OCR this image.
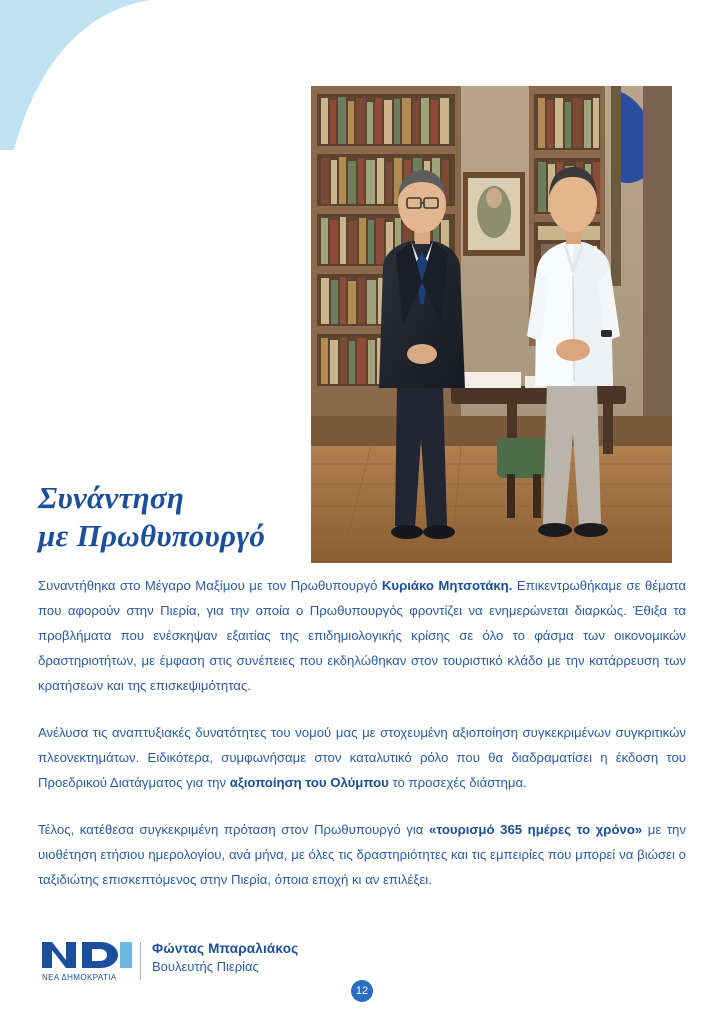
Συνάντηση
με Πρωθυπουργό

Συναντήθηκα στο Μέγαρο Μαξίμου με τον Πρωθυπουργό Κυριάκο Μητσοτάκη. Επικεντρωθήκαμε σε θέματα που αφορούν στην Πιερία, για την οποία ο Πρωθυπουργός φροντίζει να ενημερώνεται διαρκώς. Έθιξα τα προβλήματα που ενέσκηψαν εξαιτίας της επιδημιολογικής κρίσης σε όλο το φάσμα των οικονομικών δραστηριοτήτων, με έμφαση στις συνέπειες που εκδηλώθηκαν στον τουριστικό κλάδο με την κατάρρευση των κρατήσεων και της επισκεψιμότητας.

Ανέλυσα τις αναπτυξιακές δυνατότητες του νομού μας με στοχευμένη αξιοποίηση συγκεκριμένων συγκριτικών πλεονεκτημάτων. Ειδικότερα, συμφωνήσαμε στον καταλυτικό ρόλο που θα διαδραματίσει η έκδοση του Προεδρικού Διατάγματος για την αξιοποίηση του Ολύμπου το προσεχές διάστημα.

Τέλος, κατέθεσα συγκεκριμένη πρόταση στον Πρωθυπουργό για «τουρισμό 365 ημέρες το χρόνο» με την υιοθέτηση ετήσιου ημερολογίου, ανά μήνα, με όλες τις δραστηριότητες και τις εμπειρίες που μπορεί να βιώσει ο ταξιδιώτης επισκεπτόμενος στην Πιερία, όποια εποχή κι αν επιλέξει.

ΝΕΑ ΔΗΜΟΚΡΑΤΙΑ
Φώντας Μπαραλιάκος
Βουλευτής Πιερίας
12
